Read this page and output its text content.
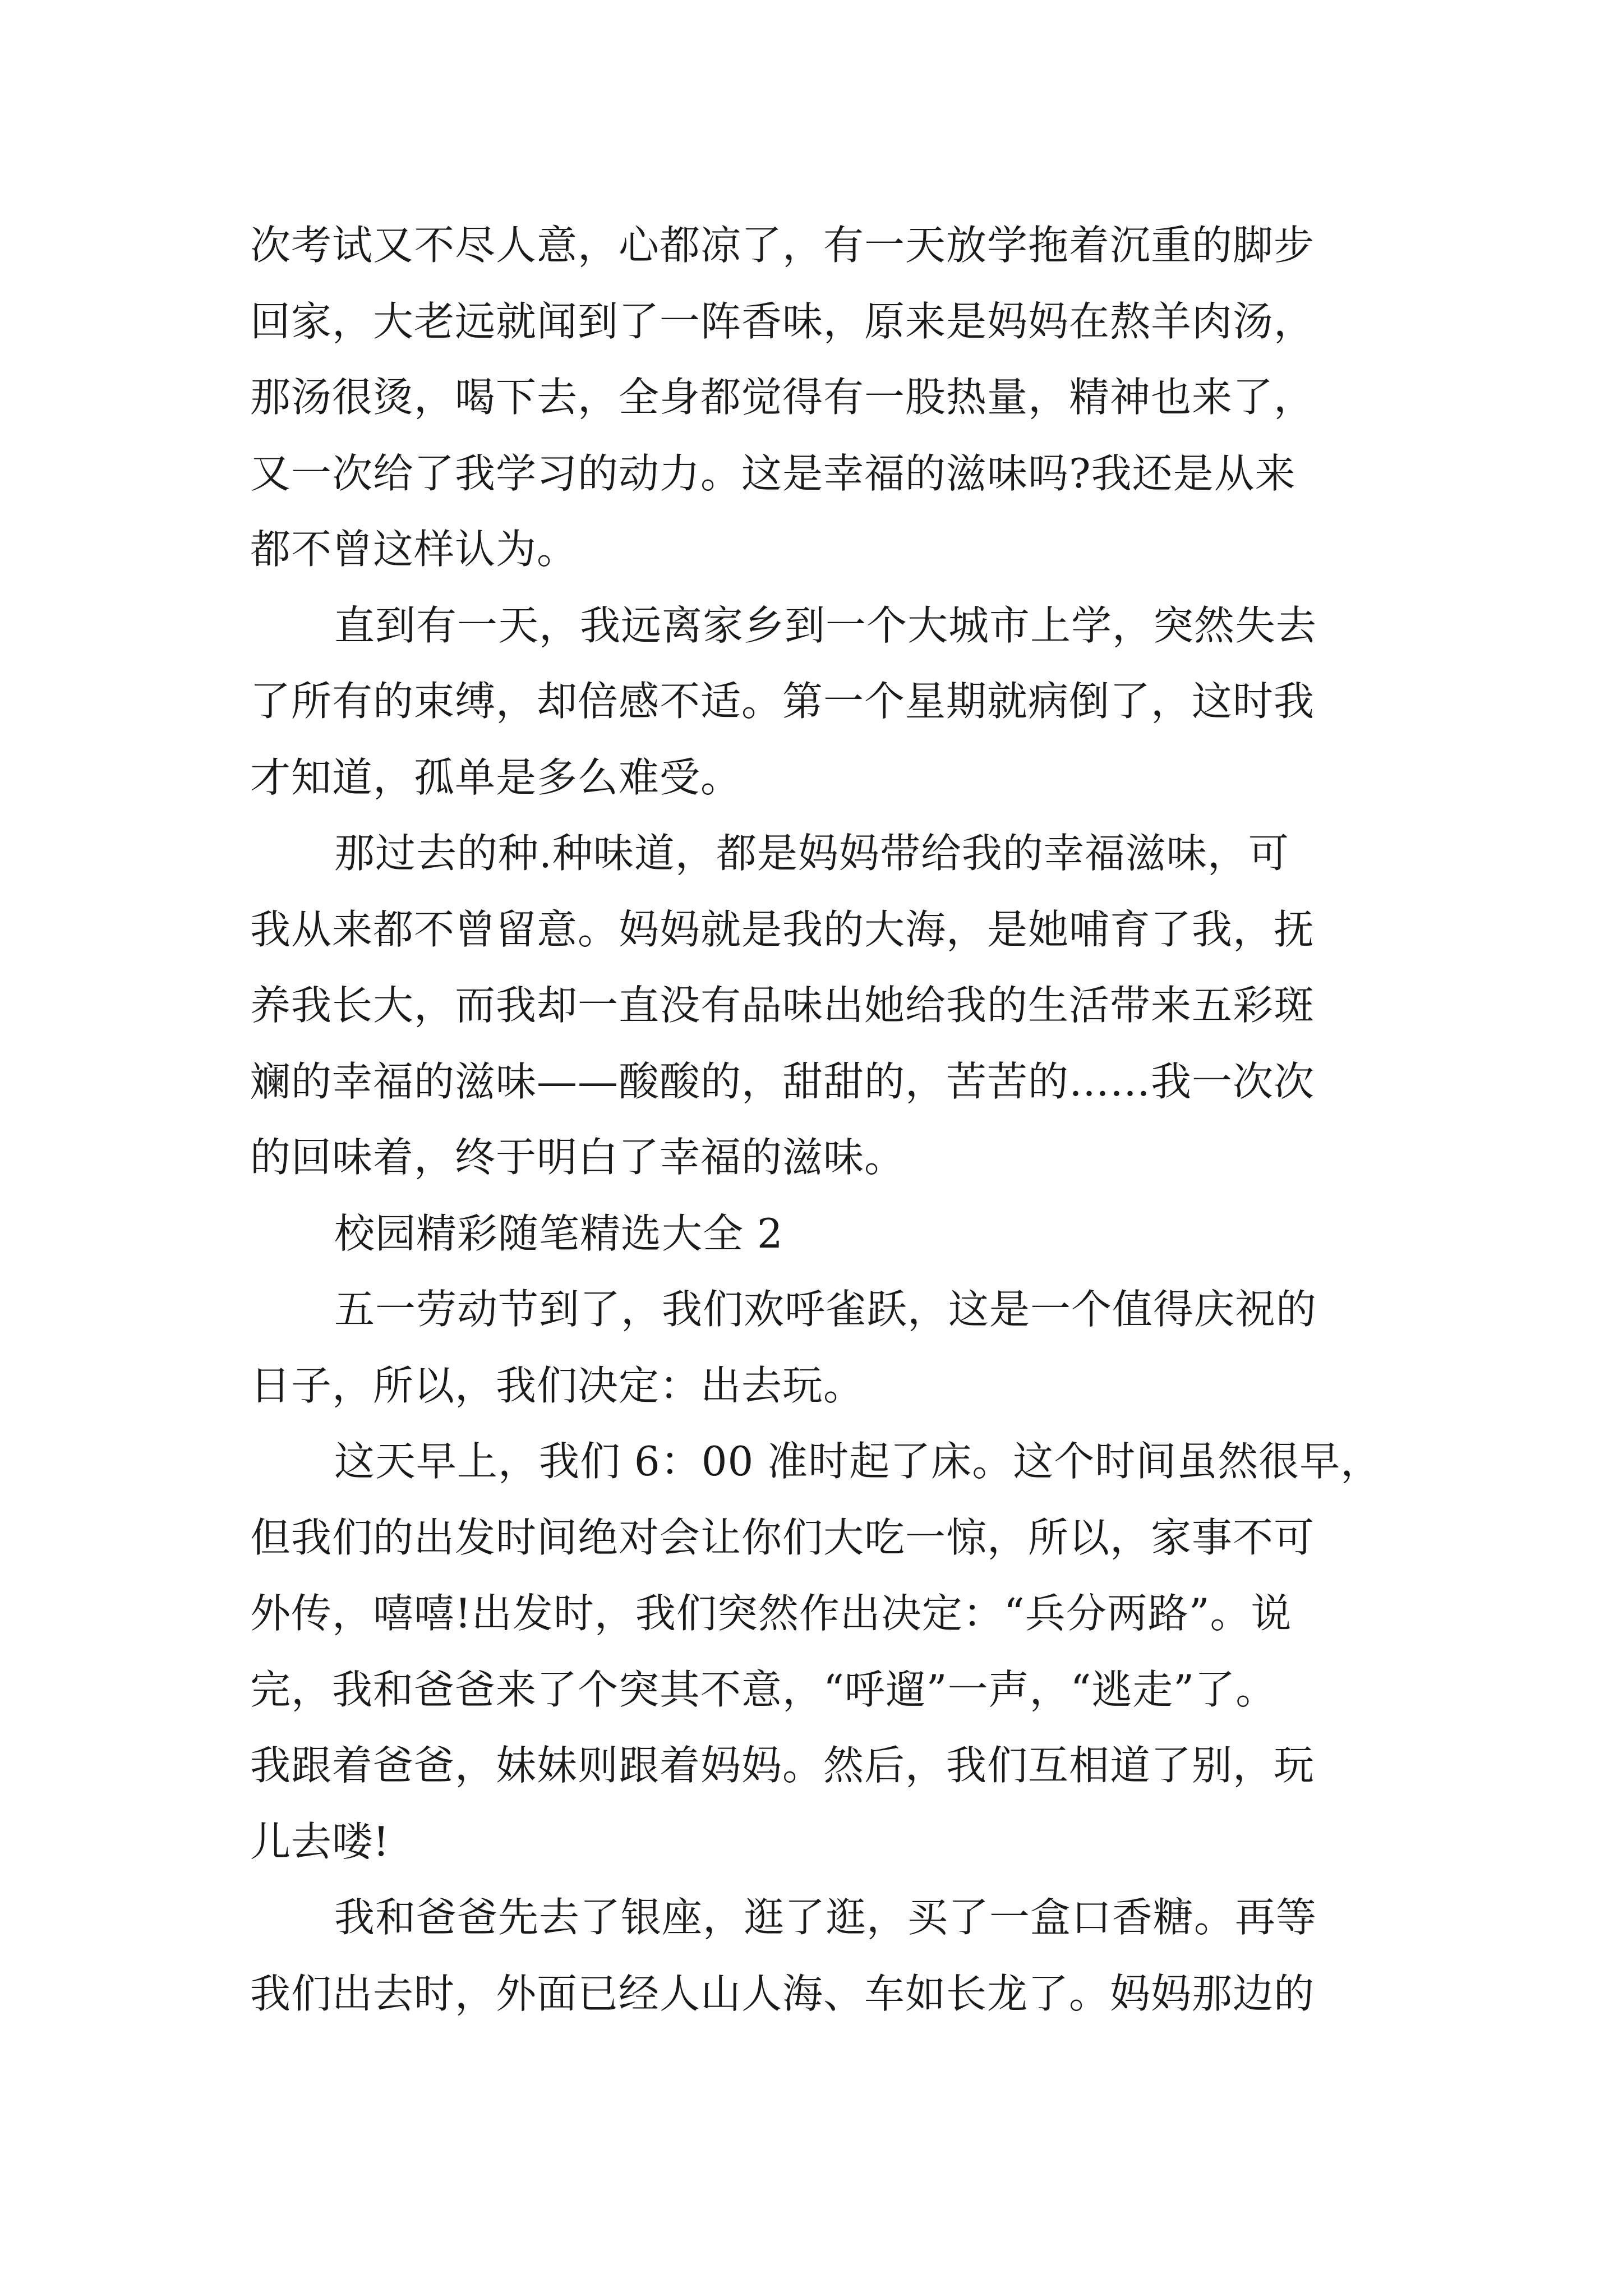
次考试又不尽人意，心都凉了，有一天放学拖着沉重的脚步
回家，大老远就闻到了一阵香味，原来是妈妈在熬羊肉汤，
那汤很烫，喝下去，全身都觉得有一股热量，精神也来了，
又一次给了我学习的动力。这是幸福的滋味吗?我还是从来
都不曾这样认为。
直到有一天，我远离家乡到一个大城市上学，突然失去
了所有的束缚，却倍感不适。第一个星期就病倒了，这时我
才知道，孤单是多么难受。
那过去的种.种味道，都是妈妈带给我的幸福滋味，可
我从来都不曾留意。妈妈就是我的大海，是她哺育了我，抚
养我长大，而我却一直没有品味出她给我的生活带来五彩斑
斓的幸福的滋味——酸酸的，甜甜的，苦苦的……我一次次
的回味着，终于明白了幸福的滋味。
校园精彩随笔精选大全 2
五一劳动节到了，我们欢呼雀跃，这是一个值得庆祝的
日子，所以，我们决定：出去玩。
这天早上，我们 6：00 准时起了床。这个时间虽然很早，
但我们的出发时间绝对会让你们大吃一惊，所以，家事不可
外传，嘻嘻!出发时，我们突然作出决定：“兵分两路”。说
完，我和爸爸来了个突其不意，“呼遛”一声，“逃走”了。
我跟着爸爸，妹妹则跟着妈妈。然后，我们互相道了别，玩
儿去喽!
我和爸爸先去了银座，逛了逛，买了一盒口香糖。再等
我们出去时，外面已经人山人海、车如长龙了。妈妈那边的
